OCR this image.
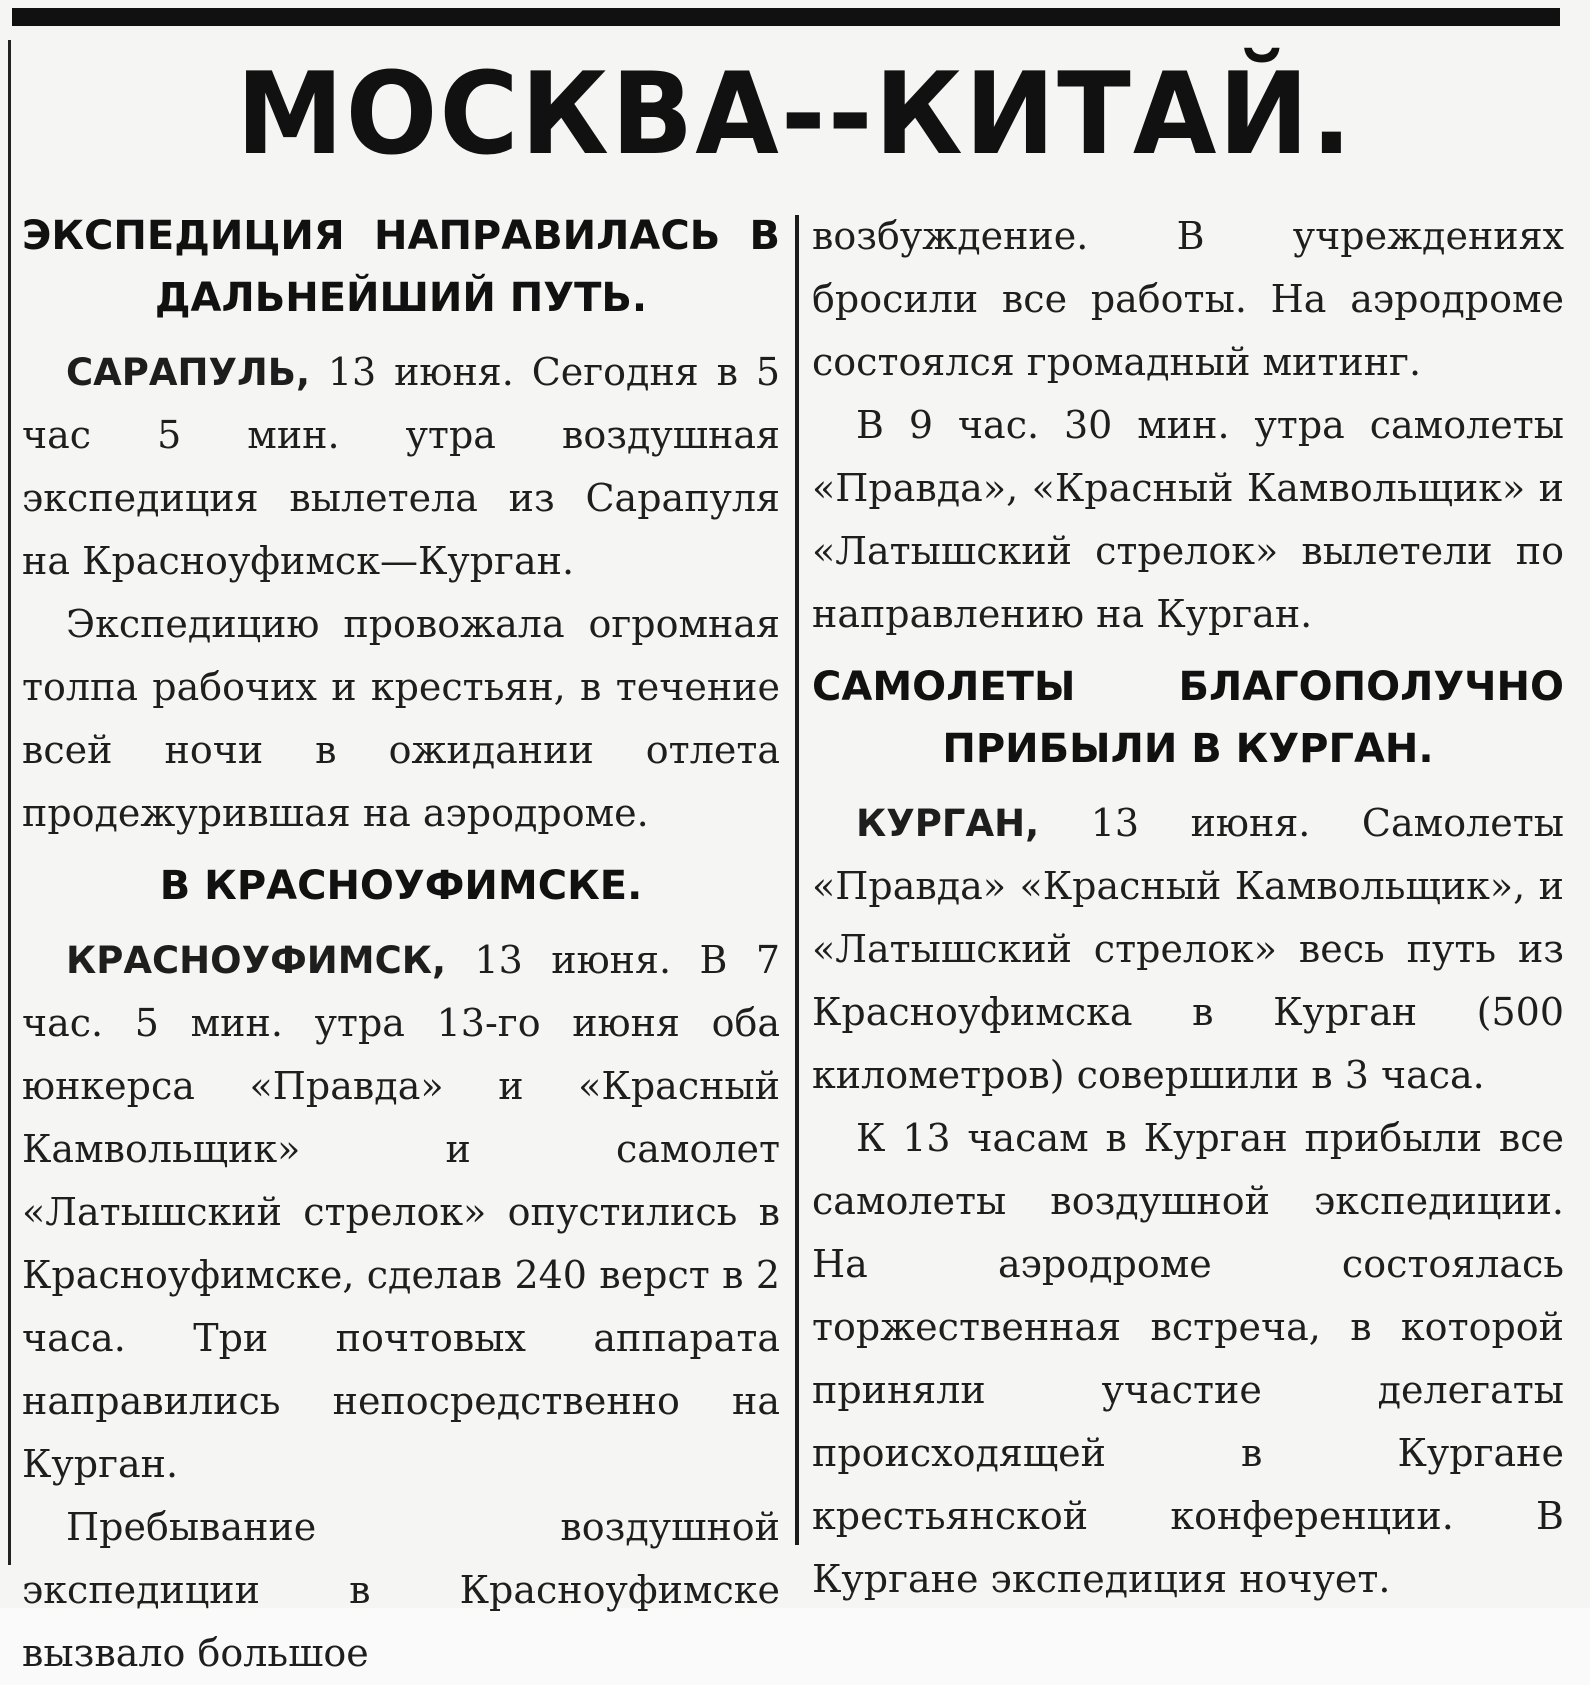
МОСКВА--КИТАЙ.
ЭКСПЕДИЦИЯ НАПРАВИЛАСЬ В ДАЛЬНЕЙШИЙ ПУТЬ.

САРАПУЛЬ, 13 июня. Сегодня в 5 час 5 мин. утра воздушная экспедиция вылетела из Сарапуля на Красноуфимск—Курган.

Экспедицию провожала огромная толпа рабочих и крестьян, в течение всей ночи в ожидании отлета продежурившая на аэродроме.

В КРАСНОУФИМСКЕ.

КРАСНОУФИМСК, 13 июня. В 7 час. 5 мин. утра 13-го июня оба юнкерса «Правда» и «Красный Камвольщик» и самолет «Латышский стрелок» опустились в Красноуфимске, сделав 240 верст в 2 часа. Три почтовых аппарата направились непосредственно на Курган.

Пребывание воздушной экспедиции в Красноуфимске вызвало большое

возбуждение. В учреждениях бросили все работы. На аэродроме состоялся громадный митинг.

В 9 час. 30 мин. утра самолеты «Правда», «Красный Камвольщик» и «Латышский стрелок» вылетели по направлению на Курган.

САМОЛЕТЫ БЛАГОПОЛУЧНО ПРИБЫЛИ В КУРГАН.

КУРГАН, 13 июня. Самолеты «Правда» «Красный Камвольщик», и «Латышский стрелок» весь путь из Красноуфимска в Курган (500 километров) совершили в 3 часа.

К 13 часам в Курган прибыли все самолеты воздушной экспедиции. На аэродроме состоялась торжественная встреча, в которой приняли участие делегаты происходящей в Кургане крестьянской конференции. В Кургане экспедиция ночует.
